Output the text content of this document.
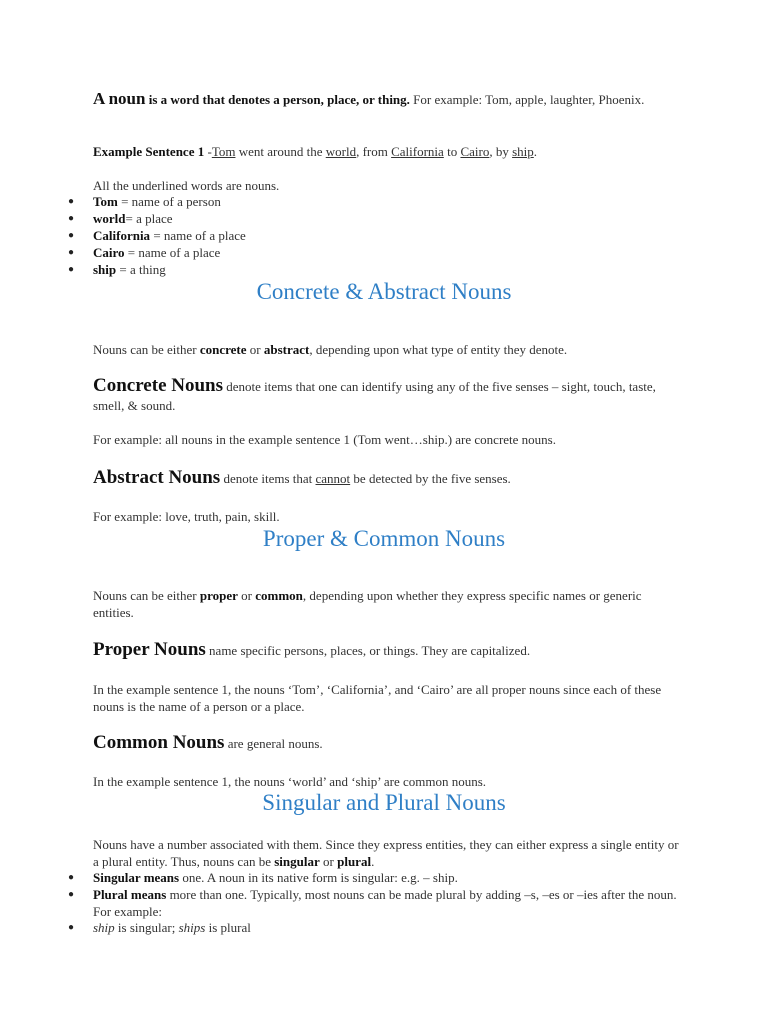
A noun is a word that denotes a person, place, or thing. For example: Tom, apple, laughter, Phoenix.
Example Sentence 1 -Tom went around the world, from California to Cairo, by ship.
All the underlined words are nouns.
● Tom = name of a person
● world= a place
● California = name of a place
● Cairo = name of a place
● ship = a thing
Concrete & Abstract Nouns
Nouns can be either concrete or abstract, depending upon what type of entity they denote.
Concrete Nouns denote items that one can identify using any of the five senses – sight, touch, taste, smell, & sound.
For example: all nouns in the example sentence 1 (Tom went…ship.) are concrete nouns.
Abstract Nouns denote items that cannot be detected by the five senses.
For example: love, truth, pain, skill.
Proper & Common Nouns
Nouns can be either proper or common, depending upon whether they express specific names or generic entities.
Proper Nouns name specific persons, places, or things. They are capitalized.
In the example sentence 1, the nouns ‘Tom’, ‘California’, and ‘Cairo’ are all proper nouns since each of these nouns is the name of a person or a place.
Common Nouns are general nouns.
In the example sentence 1, the nouns ‘world’ and ‘ship’ are common nouns.
Singular and Plural Nouns
Nouns have a number associated with them. Since they express entities, they can either express a single entity or a plural entity. Thus, nouns can be singular or plural.
● Singular means one. A noun in its native form is singular: e.g. – ship.
● Plural means more than one. Typically, most nouns can be made plural by adding –s, –es or –ies after the noun. For example:
● ship is singular; ships is plural
